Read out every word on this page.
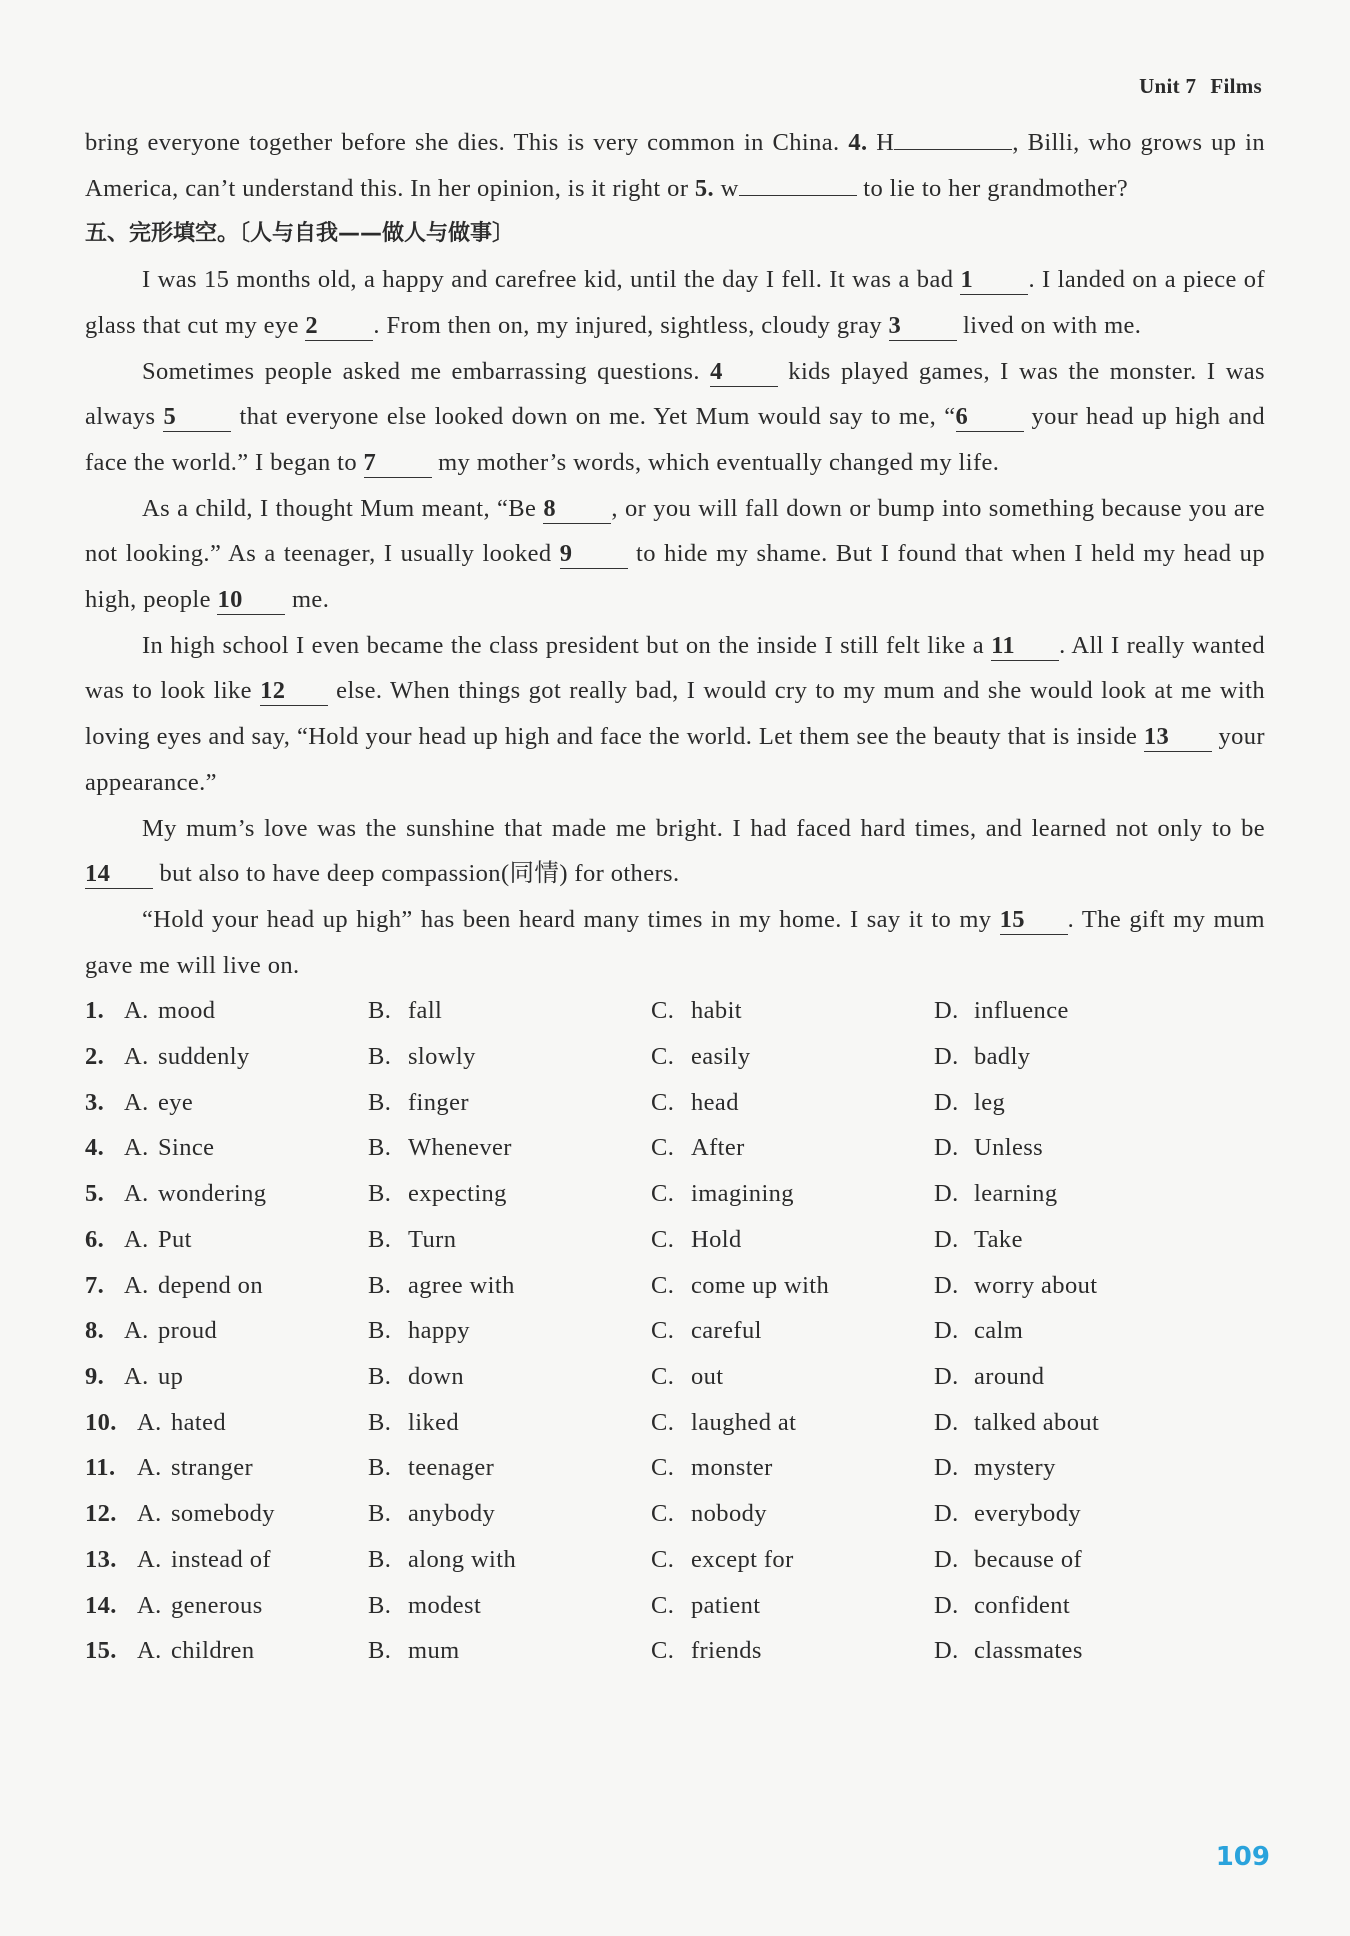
Unit 7 Films

bring everyone together before she dies. This is very common in China. 4. H	, Billi, who grows up in America, can’t understand this. In her opinion, is it right or 5. w	to lie to her grandmother?

五、完形填空。〔人与自我——做人与做事〕

I was 15 months old, a happy and carefree kid, until the day I fell. It was a bad 1 . I landed on a piece of glass that cut my eye 2 . From then on, my injured, sightless, cloudy gray 3 lived on with me.

Sometimes people asked me embarrassing questions. 4 kids played games, I was the monster. I was always 5 that everyone else looked down on me. Yet Mum would say to me, “6 your head up high and face the world.” I began to 7 my mother’s words, which eventually changed my life.

As a child, I thought Mum meant, “Be 8 , or you will fall down or bump into something because you are not looking.” As a teenager, I usually looked 9 to hide my shame. But I found that when I held my head up high, people 10 me.

In high school I even became the class president but on the inside I still felt like a 11 . All I really wanted was to look like 12 else. When things got really bad, I would cry to my mum and she would look at me with loving eyes and say, “Hold your head up high and face the world. Let them see the beauty that is inside 13 your appearance.”

My mum’s love was the sunshine that made me bright. I had faced hard times, and learned not only to be 14 but also to have deep compassion(同情) for others.

“Hold your head up high” has been heard many times in my home. I say it to my 15 . The gift my mum gave me will live on.

1. A. mood	B. fall	C. habit	D. influence
2. A. suddenly	B. slowly	C. easily	D. badly
3. A. eye	B. finger	C. head	D. leg
4. A. Since	B. Whenever	C. After	D. Unless
5. A. wondering	B. expecting	C. imagining	D. learning
6. A. Put	B. Turn	C. Hold	D. Take
7. A. depend on	B. agree with	C. come up with	D. worry about
8. A. proud	B. happy	C. careful	D. calm
9. A. up	B. down	C. out	D. around
10. A. hated	B. liked	C. laughed at	D. talked about
11. A. stranger	B. teenager	C. monster	D. mystery
12. A. somebody	B. anybody	C. nobody	D. everybody
13. A. instead of	B. along with	C. except for	D. because of
14. A. generous	B. modest	C. patient	D. confident
15. A. children	B. mum	C. friends	D. classmates
109
